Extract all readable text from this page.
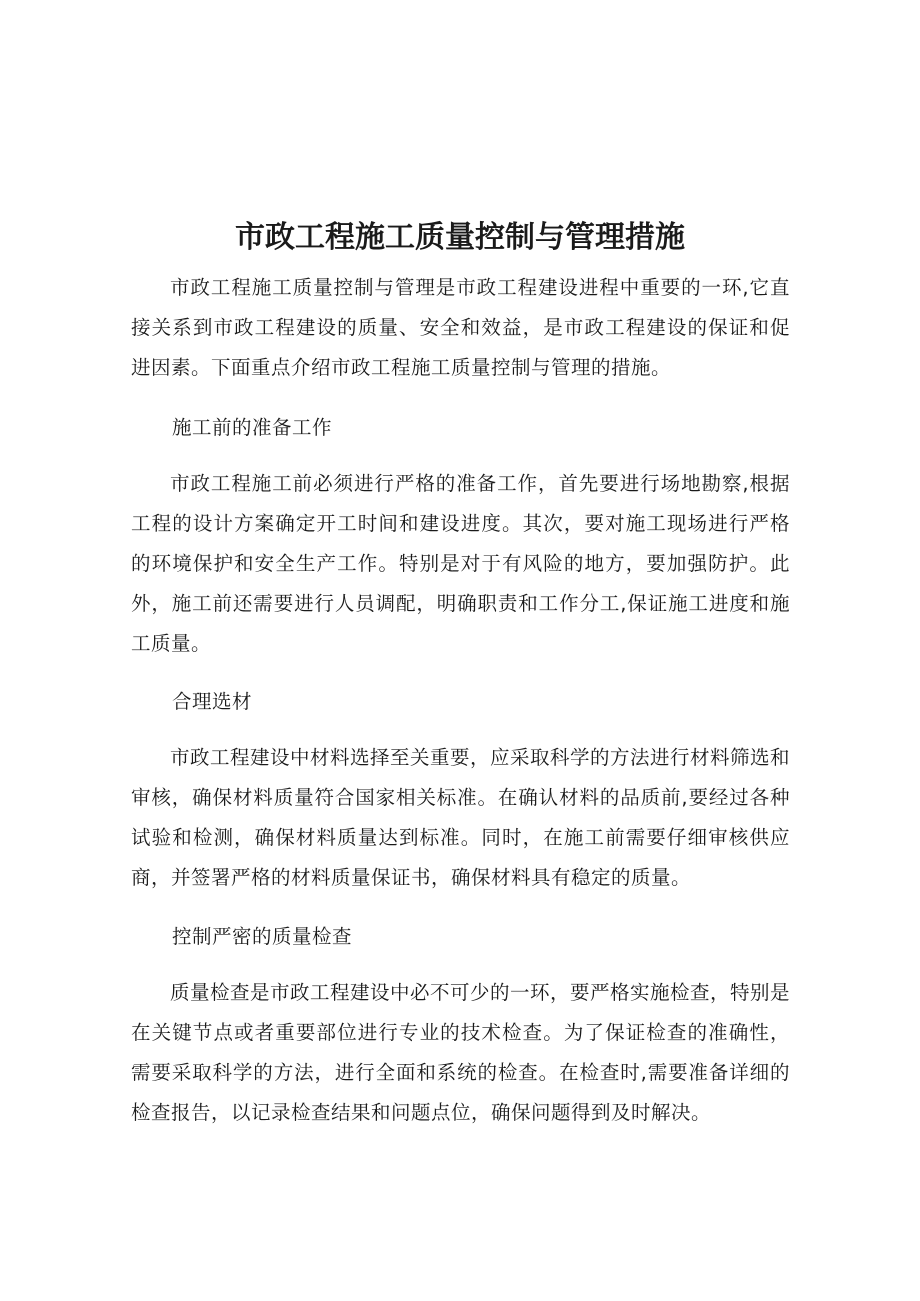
市政工程施工质量控制与管理措施

市政工程施工质量控制与管理是市政工程建设进程中重要的一环,它直接关系到市政工程建设的质量、安全和效益，是市政工程建设的保证和促进因素。下面重点介绍市政工程施工质量控制与管理的措施。

施工前的准备工作

市政工程施工前必须进行严格的准备工作，首先要进行场地勘察,根据工程的设计方案确定开工时间和建设进度。其次，要对施工现场进行严格的环境保护和安全生产工作。特别是对于有风险的地方，要加强防护。此外，施工前还需要进行人员调配，明确职责和工作分工,保证施工进度和施工质量。

合理选材

市政工程建设中材料选择至关重要，应采取科学的方法进行材料筛选和审核，确保材料质量符合国家相关标准。在确认材料的品质前,要经过各种试验和检测，确保材料质量达到标准。同时，在施工前需要仔细审核供应商，并签署严格的材料质量保证书，确保材料具有稳定的质量。

控制严密的质量检查

质量检查是市政工程建设中必不可少的一环，要严格实施检查，特别是在关键节点或者重要部位进行专业的技术检查。为了保证检查的准确性，需要采取科学的方法，进行全面和系统的检查。在检查时,需要准备详细的检查报告，以记录检查结果和问题点位，确保问题得到及时解决。
